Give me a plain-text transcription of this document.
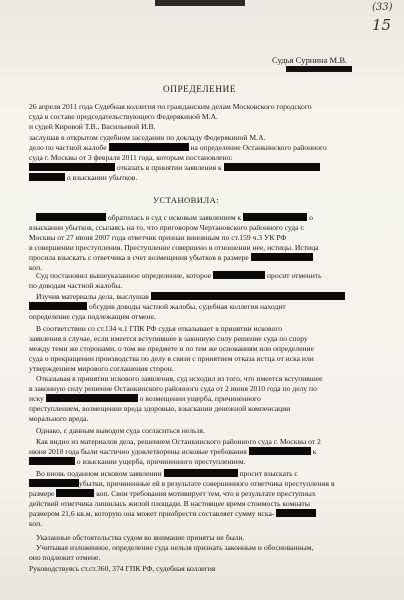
(33)
15
Судья Сурнина М.В.
ОПРЕДЕЛЕНИЕ
26 апреля 2011 года Судебная коллегия по гражданским делам Московского городского
суда в составе председательствующего Федерякиной М.А.
и судей Кировой Т.В., Васильевой И.В.
заслушав в открытом судебном заседании по докладу Федерякиной М.А.
дело по частной жалобе	на определение Останкинского районного
суда г. Москвы от 3 февраля 2011 года, которым постановлено:
отказать в принятии заявления к
о взыскании убытков.
УСТАНОВИЛА:
обратилась в суд с исковым заявлением к	о
взыскании убытков, ссылаясь на то, что приговором Чертановского районного суда г.
Москвы от 27 июня 2007 года ответчик признан виновным по ст.159 ч.3 УК РФ
в совершении преступления. Преступление совершено в отношении нее, истицы. Истица
просила взыскать с ответчика в счет возмещения убытков в размере
коп.
Суд постановил вышеуказанное определение, которое	просит отменить
по доводам частной жалобы.
Изучив материалы дела, выслушав
обсудив доводы частной жалобы, судебная коллегия находит
определение суда подлежащим отмене.
В соответствии со ст.134 ч.1 ГПК РФ судья отказывает в принятии искового
заявления в случае, если имеется вступившее в законную силу решение суда по спору
между теми же сторонами, о том же предмете и по тем же основаниям или определение
суда о прекращении производства по делу в связи с принятием отказа истца от иска или
утверждением мирового соглашения сторон.
Отказывая в принятии искового заявления, суд исходил из того, что имеется вступившее
в законную силу решение Останкинского районного суда от 2 июня 2010 года по делу по
иску	о возмещении ущерба, причиненного
преступлением, возмещении вреда здоровью, взыскании денежной компенсации
морального вреда.
Однако, с данным выводом суда согласиться нельзя.
Как видно из материалов дела, решением Останкинского районного суда г. Москвы от 2
июня 2010 года были частично удовлетворены исковые требования	к
о взыскании ущерба, причиненного преступлением.
Во вновь поданном исковом заявлении	просит взыскать с
убытки, причиненные ей в результате совершенного ответчика преступления в
размере	коп. Свои требования мотивирует тем, что в результате преступных
действий ответчика лишилась жилой площади. В настоящее время стоимость комнаты
размером 21,6 кв.м, которую она может приобрести составляет сумму иска-
коп.
Указанные обстоятельства судом во внимание приняты не были.
Учитывая изложенное, определение суда нельзя признать законным и обоснованным,
оно подлежит отмене.
Руководствуясь ст.ст.360, 374 ГПК РФ, судебная коллегия
